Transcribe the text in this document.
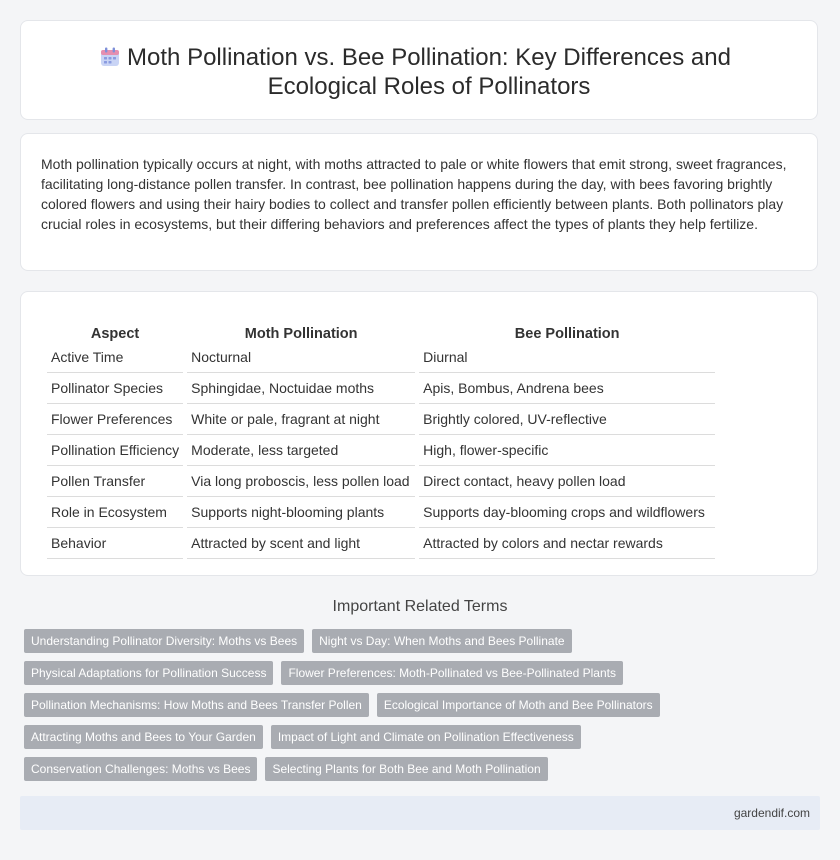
Moth Pollination vs. Bee Pollination: Key Differences and Ecological Roles of Pollinators

Moth pollination typically occurs at night, with moths attracted to pale or white flowers that emit strong, sweet fragrances, facilitating long-distance pollen transfer. In contrast, bee pollination happens during the day, with bees favoring brightly colored flowers and using their hairy bodies to collect and transfer pollen efficiently between plants. Both pollinators play crucial roles in ecosystems, but their differing behaviors and preferences affect the types of plants they help fertilize.

Aspect	Moth Pollination	Bee Pollination
Active Time	Nocturnal	Diurnal
Pollinator Species	Sphingidae, Noctuidae moths	Apis, Bombus, Andrena bees
Flower Preferences	White or pale, fragrant at night	Brightly colored, UV-reflective
Pollination Efficiency	Moderate, less targeted	High, flower-specific
Pollen Transfer	Via long proboscis, less pollen load	Direct contact, heavy pollen load
Role in Ecosystem	Supports night-blooming plants	Supports day-blooming crops and wildflowers
Behavior	Attracted by scent and light	Attracted by colors and nectar rewards
Important Related Terms
Understanding Pollinator Diversity: Moths vs Bees	Night vs Day: When Moths and Bees Pollinate
Physical Adaptations for Pollination Success	Flower Preferences: Moth-Pollinated vs Bee-Pollinated Plants
Pollination Mechanisms: How Moths and Bees Transfer Pollen	Ecological Importance of Moth and Bee Pollinators
Attracting Moths and Bees to Your Garden	Impact of Light and Climate on Pollination Effectiveness
Conservation Challenges: Moths vs Bees	Selecting Plants for Both Bee and Moth Pollination
gardendif.com
